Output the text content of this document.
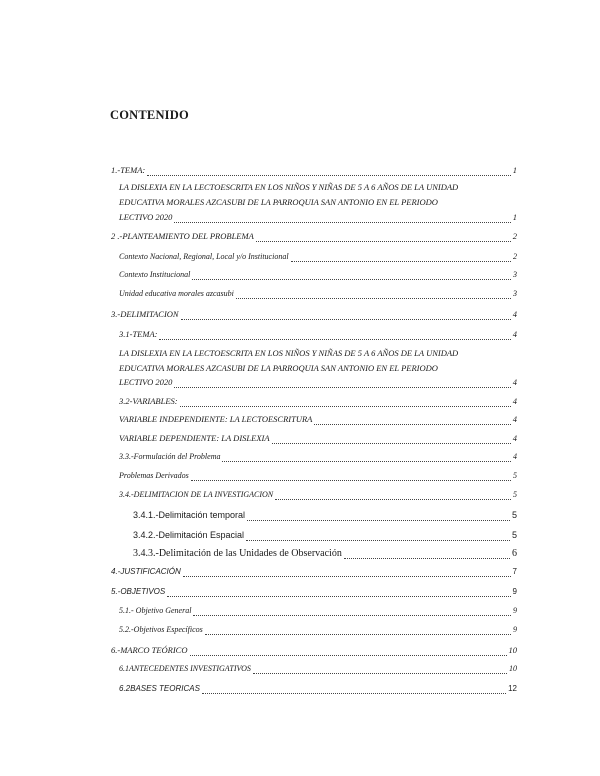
CONTENIDO
1.-TEMA:	1
LA DISLEXIA EN LA LECTOESCRITA EN LOS NIÑOS Y NIÑAS DE 5 A 6 AÑOS DE LA UNIDAD
EDUCATIVA MORALES AZCASUBI DE LA PARROQUIA SAN ANTONIO EN EL PERIODO
LECTIVO 2020	1
2 .-PLANTEAMIENTO DEL PROBLEMA	2
Contexto Nacional, Regional, Local y/o Institucional	2
Contexto Institucional	3
Unidad educativa morales azcasubi	3
3.-DELIMITACION	4
3.1-TEMA:	4
LA DISLEXIA EN LA LECTOESCRITA EN LOS NIÑOS Y NIÑAS DE 5 A 6 AÑOS DE LA UNIDAD
EDUCATIVA MORALES AZCASUBI DE LA PARROQUIA SAN ANTONIO EN EL PERIODO
LECTIVO 2020	4
3.2-VARIABLES:	4
VARIABLE INDEPENDIENTE: LA LECTOESCRITURA	4
VARIABLE DEPENDIENTE: LA DISLEXIA	4
3.3.-Formulación del Problema	4
Problemas Derivados	5
3.4.-DELIMITACION DE LA INVESTIGACION	5
3.4.1.-Delimitación temporal	5
3.4.2.-Delimitación Espacial	5
3.4.3.-Delimitación de las Unidades de Observación	6
4.-JUSTIFICACIÓN	7
5.-OBJETIVOS	9
5.1.- Objetivo General	9
5.2.-Objetivos Específicos	9
6.-MARCO TEÓRICO	10
6.1ANTECEDENTES INVESTIGATIVOS	10
6.2BASES TEORICAS	12
